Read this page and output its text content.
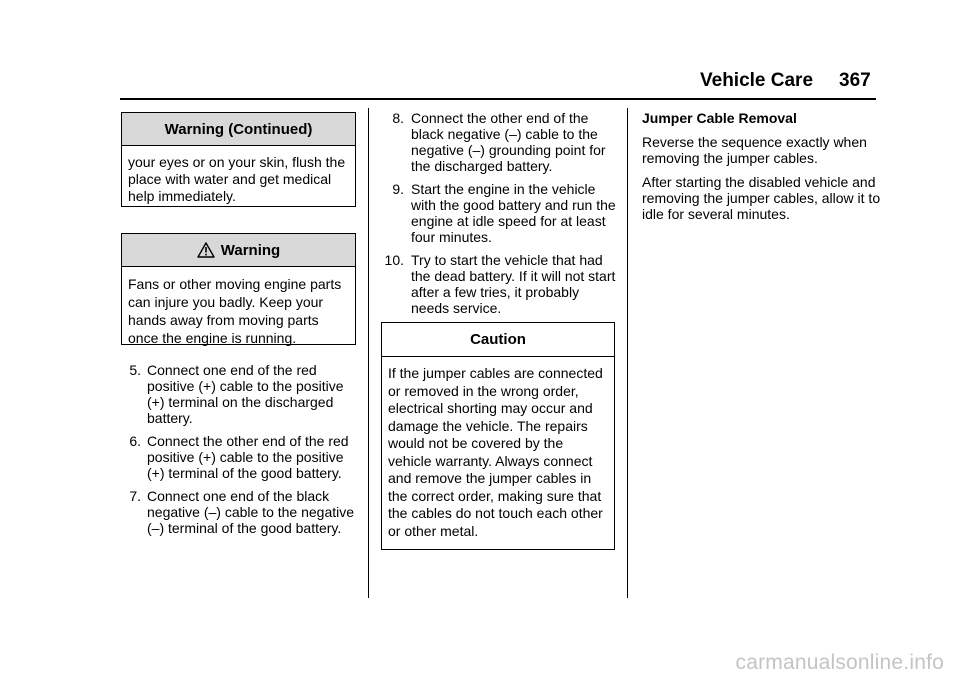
Vehicle Care 367
Warning (Continued)

your eyes or on your skin, flush the place with water and get medical help immediately.

Warning

Fans or other moving engine parts can injure you badly. Keep your hands away from moving parts once the engine is running.

5. Connect one end of the red positive (+) cable to the positive (+) terminal on the discharged battery.
6. Connect the other end of the red positive (+) cable to the positive (+) terminal of the good battery.
7. Connect one end of the black negative (–) cable to the negative (–) terminal of the good battery.
8. Connect the other end of the black negative (–) cable to the negative (–) grounding point for the discharged battery.
9. Start the engine in the vehicle with the good battery and run the engine at idle speed for at least four minutes.
10. Try to start the vehicle that had the dead battery. If it will not start after a few tries, it probably needs service.
Caution

If the jumper cables are connected or removed in the wrong order, electrical shorting may occur and damage the vehicle. The repairs would not be covered by the vehicle warranty. Always connect and remove the jumper cables in the correct order, making sure that the cables do not touch each other or other metal.

Jumper Cable Removal

Reverse the sequence exactly when removing the jumper cables.

After starting the disabled vehicle and removing the jumper cables, allow it to idle for several minutes.

carmanualsonline.info
